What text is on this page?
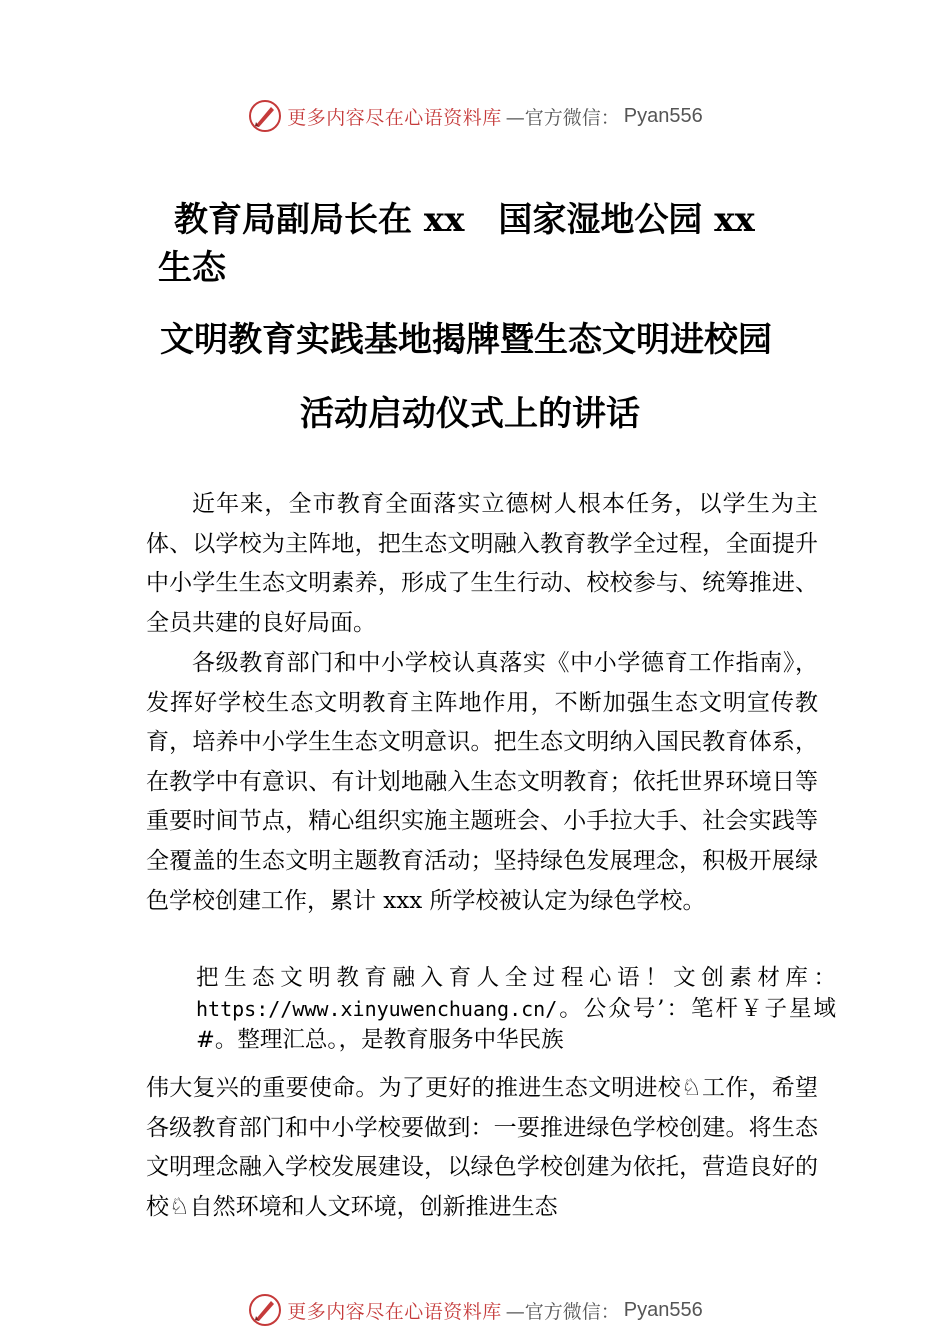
更多内容尽在心语资料库 —官方微信： Pyan556
教育局副局长在 xx　国家湿地公园 xx
生态
文明教育实践基地揭牌暨生态文明进校园
活动启动仪式上的讲话

近年来，全市教育全面落实立德树人根本任务，以学生为主体、以学校为主阵地，把生态文明融入教育教学全过程，全面提升中小学生生态文明素养，形成了生生行动、校校参与、统筹推进、全员共建的良好局面。

各级教育部门和中小学校认真落实《中小学德育工作指南》，发挥好学校生态文明教育主阵地作用，不断加强生态文明宣传教育，培养中小学生生态文明意识。把生态文明纳入国民教育体系，在教学中有意识、有计划地融入生态文明教育；依托世界环境日等重要时间节点，精心组织实施主题班会、小手拉大手、社会实践等全覆盖的生态文明主题教育活动；坚持绿色发展理念，积极开展绿色学校创建工作，累计 xxx 所学校被认定为绿色学校。

把生态文明教育融入育人全过程心语！文创素材库：https://www.xinyuwenchuang.cn/。公众号’：笔杆￥子星域#。整理汇总。，是教育服务中华民族

伟大复兴的重要使命。为了更好的推进生态文明进校♘工作，希望各级教育部门和中小学校要做到：一要推进绿色学校创建。将生态文明理念融入学校发展建设，以绿色学校创建为依托，营造良好的校♘自然环境和人文环境，创新推进生态

更多内容尽在心语资料库 —官方微信： Pyan556
